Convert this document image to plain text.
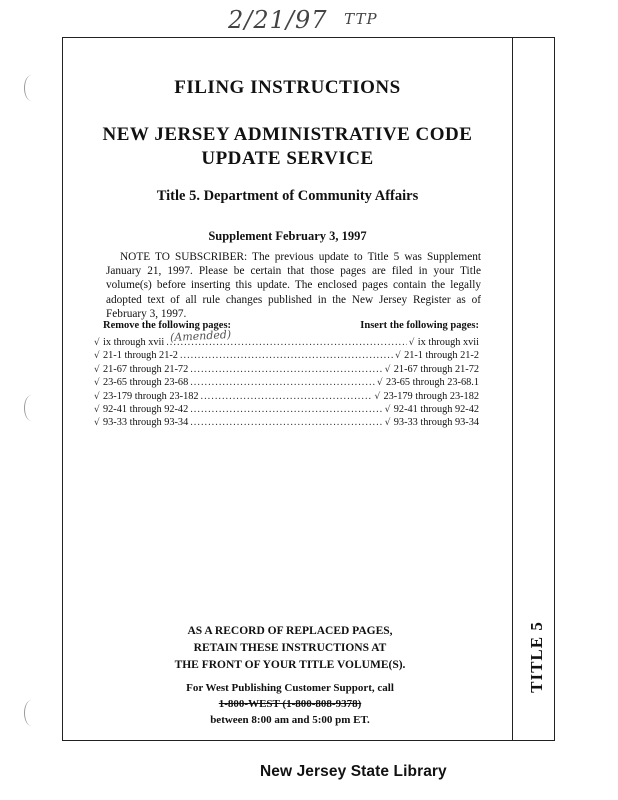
2/21/97 TTP
TITLE 5
FILING INSTRUCTIONS
NEW JERSEY ADMINISTRATIVE CODE
UPDATE SERVICE
Title 5. Department of Community Affairs
Supplement February 3, 1997

NOTE TO SUBSCRIBER: The previous update to Title 5 was Supplement January 21, 1997. Please be certain that those pages are filed in your Title volume(s) before inserting this update. The enclosed pages contain the legally adopted text of all rule changes published in the New Jersey Register as of February 3, 1997.

Remove the following pages:	Insert the following pages:
(Amended)
√ ix through xvii .....	√ ix through xvii
√ 21-1 through 21-2 .....	√ 21-1 through 21-2
√ 21-67 through 21-72 .....	√ 21-67 through 21-72
√ 23-65 through 23-68 .....	√ 23-65 through 23-68.1
√ 23-179 through 23-182 .....	√ 23-179 through 23-182
√ 92-41 through 92-42 .....	√ 92-41 through 92-42
√ 93-33 through 93-34 .....	√ 93-33 through 93-34
AS A RECORD OF REPLACED PAGES,
RETAIN THESE INSTRUCTIONS AT
THE FRONT OF YOUR TITLE VOLUME(S).
For West Publishing Customer Support, call
1-800-WEST (1-800-808-9378)
between 8:00 am and 5:00 pm ET.
New Jersey State Library
